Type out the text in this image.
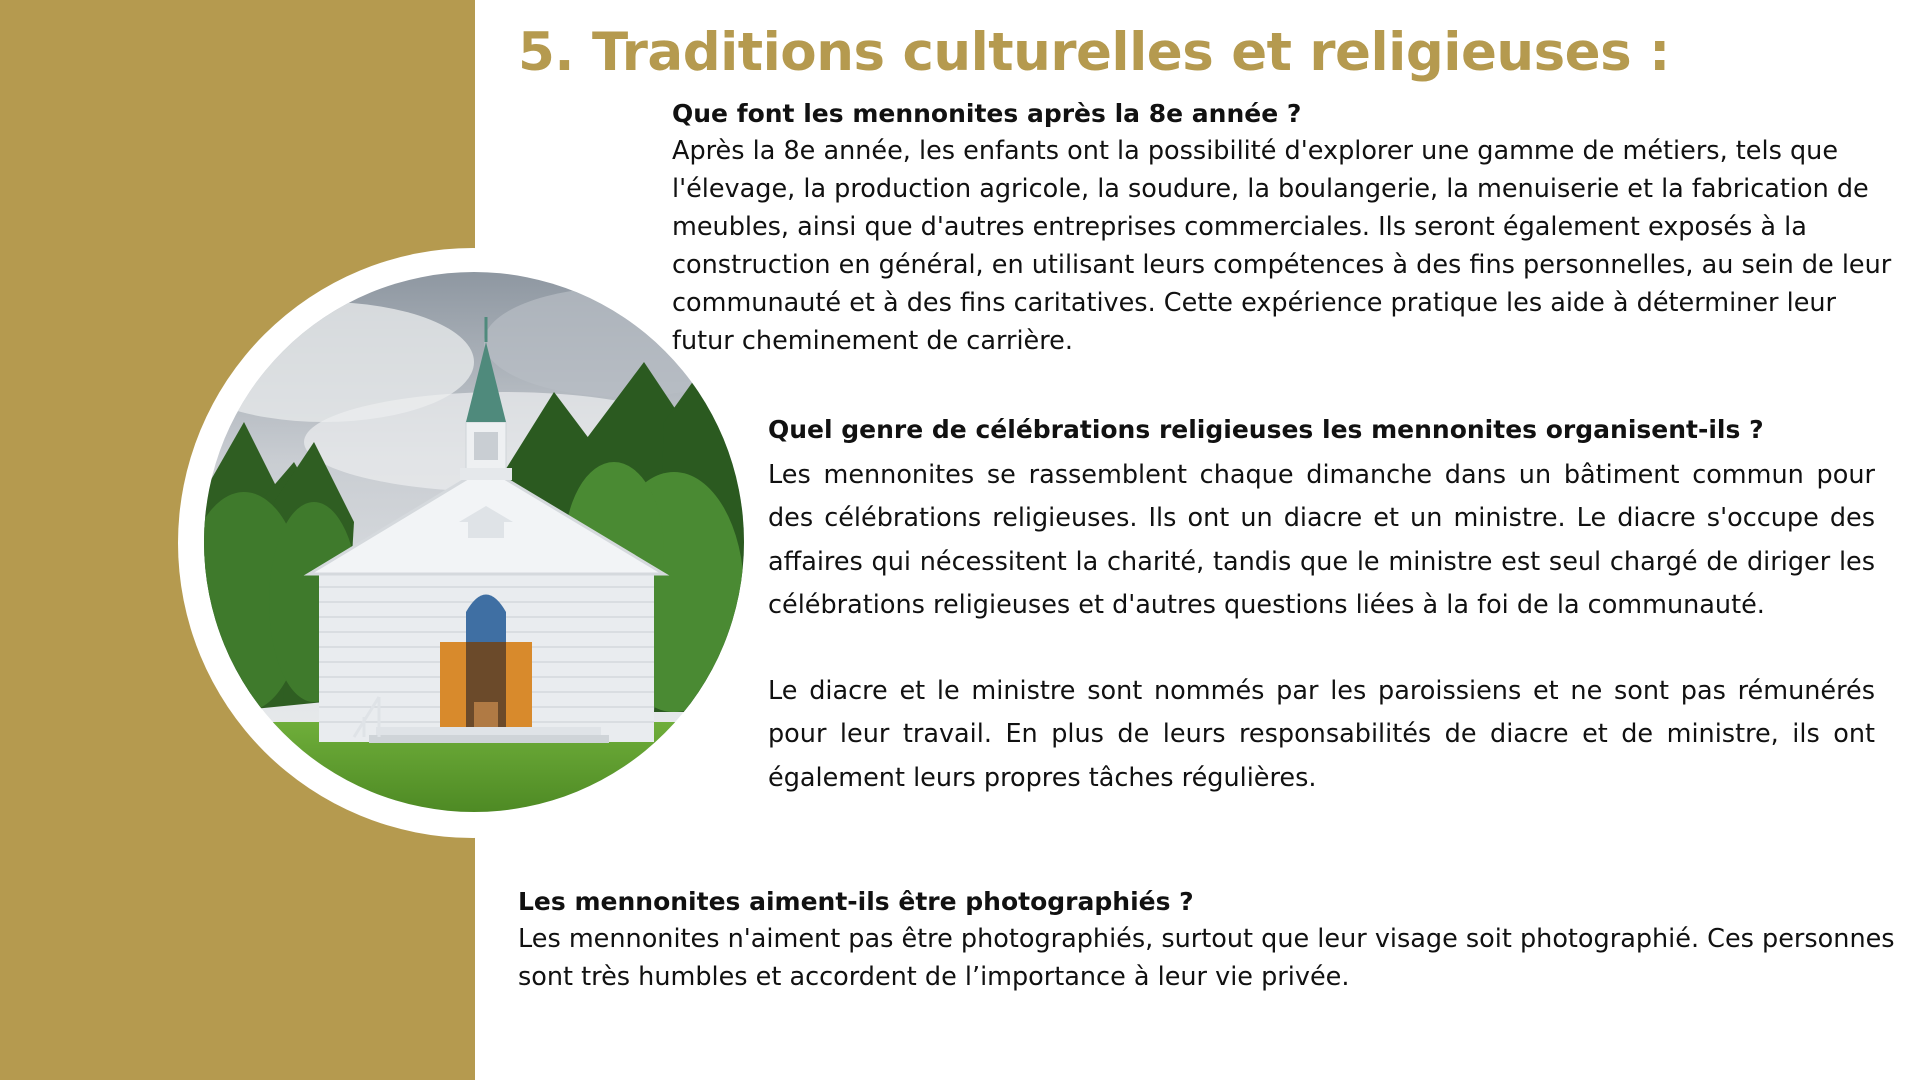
5. Traditions culturelles et religieuses :

Que font les mennonites après la 8e année ?

Après la 8e année, les enfants ont la possibilité d'explorer une gamme de métiers, tels que l'élevage, la production agricole, la soudure, la boulangerie, la menuiserie et la fabrication de meubles, ainsi que d'autres entreprises commerciales. Ils seront également exposés à la construction en général, en utilisant leurs compétences à des fins personnelles, au sein de leur communauté et à des fins caritatives. Cette expérience pratique les aide à déterminer leur futur cheminement de carrière.

Quel genre de célébrations religieuses les mennonites organisent-ils ?

Les mennonites se rassemblent chaque dimanche dans un bâtiment commun pour des célébrations religieuses. Ils ont un diacre et un ministre. Le diacre s'occupe des affaires qui nécessitent la charité, tandis que le ministre est seul chargé de diriger les célébrations religieuses et d'autres questions liées à la foi de la communauté.

Le diacre et le ministre sont nommés par les paroissiens et ne sont pas rémunérés pour leur travail. En plus de leurs responsabilités de diacre et de ministre, ils ont également leurs propres tâches régulières.

Les mennonites aiment-ils être photographiés ?

Les mennonites n'aiment pas être photographiés, surtout que leur visage soit photographié. Ces personnes sont très humbles et accordent de l’importance à leur vie privée.
